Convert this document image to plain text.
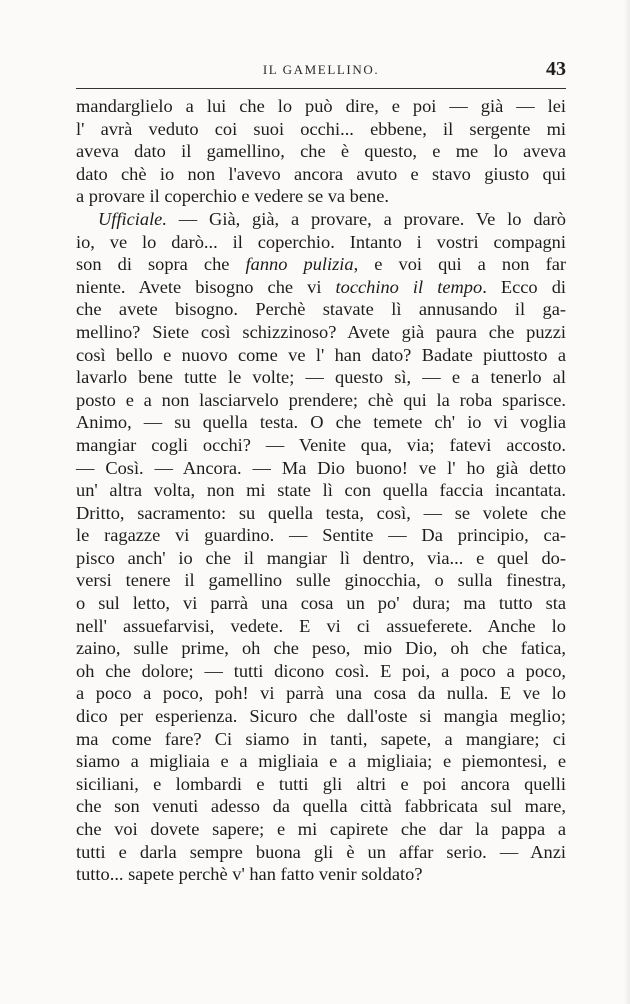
IL GAMELLINO.	43
mandarglielo a lui che lo può dire, e poi — già — lei
l' avrà veduto coi suoi occhi... ebbene, il sergente mi
aveva dato il gamellino, che è questo, e me lo aveva
dato chè io non l'avevo ancora avuto e stavo giusto qui
a provare il coperchio e vedere se va bene.
Ufficiale. — Già, già, a provare, a provare. Ve lo darò
io, ve lo darò... il coperchio. Intanto i vostri compagni
son di sopra che fanno pulizia, e voi qui a non far
niente. Avete bisogno che vi tocchino il tempo. Ecco di
che avete bisogno. Perchè stavate lì annusando il ga-
mellino? Siete così schizzinoso? Avete già paura che puzzi
così bello e nuovo come ve l' han dato? Badate piuttosto a
lavarlo bene tutte le volte; — questo sì, — e a tenerlo al
posto e a non lasciarvelo prendere; chè qui la roba sparisce.
Animo, — su quella testa. O che temete ch' io vi voglia
mangiar cogli occhi? — Venite qua, via; fatevi accosto.
— Così. — Ancora. — Ma Dio buono! ve l' ho già detto
un' altra volta, non mi state lì con quella faccia incantata.
Dritto, sacramento: su quella testa, così, — se volete che
le ragazze vi guardino. — Sentite — Da principio, ca-
pisco anch' io che il mangiar lì dentro, via... e quel do-
versi tenere il gamellino sulle ginocchia, o sulla finestra,
o sul letto, vi parrà una cosa un po' dura; ma tutto sta
nell' assuefarvisi, vedete. E vi ci assueferete. Anche lo
zaino, sulle prime, oh che peso, mio Dio, oh che fatica,
oh che dolore; — tutti dicono così. E poi, a poco a poco,
a poco a poco, poh! vi parrà una cosa da nulla. E ve lo
dico per esperienza. Sicuro che dall'oste si mangia meglio;
ma come fare? Ci siamo in tanti, sapete, a mangiare; ci
siamo a migliaia e a migliaia e a migliaia; e piemontesi, e
siciliani, e lombardi e tutti gli altri e poi ancora quelli
che son venuti adesso da quella città fabbricata sul mare,
che voi dovete sapere; e mi capirete che dar la pappa a
tutti e darla sempre buona gli è un affar serio. — Anzi
tutto... sapete perchè v' han fatto venir soldato?
